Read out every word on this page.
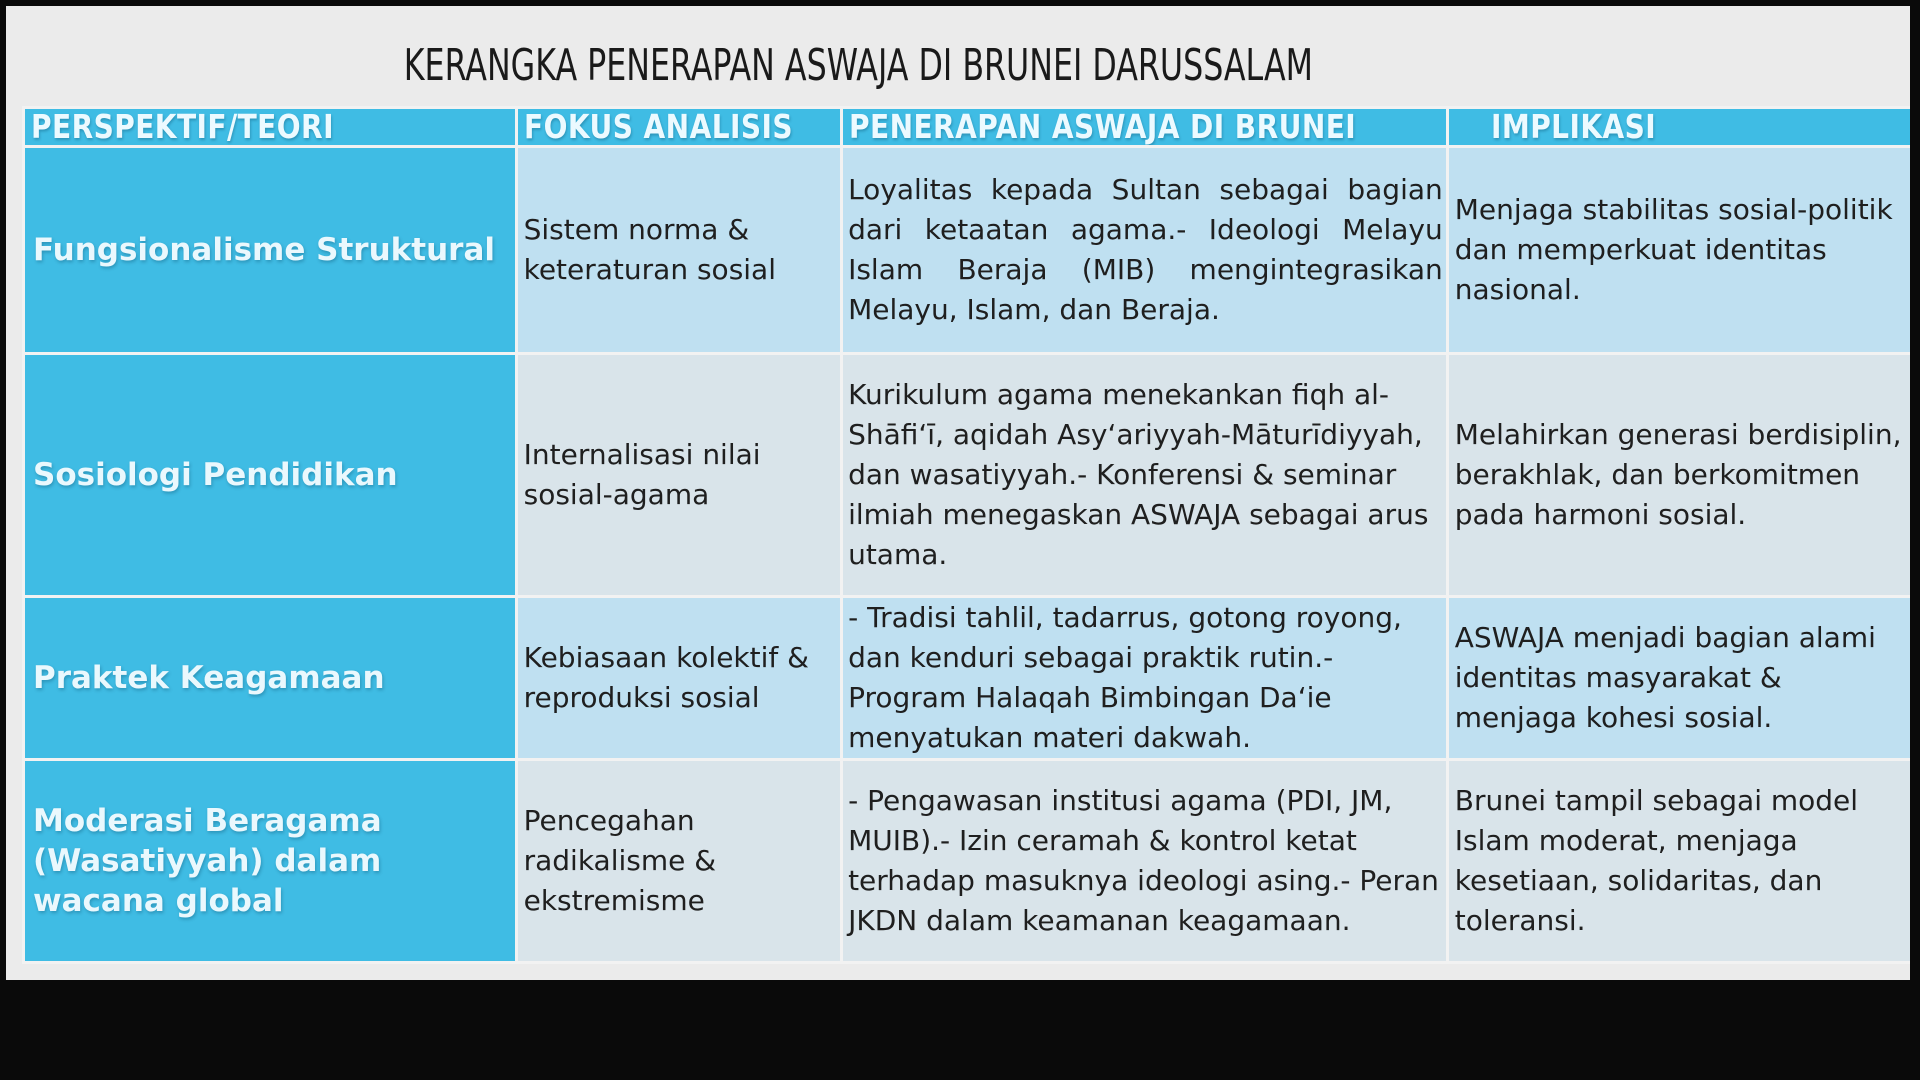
KERANGKA PENERAPAN ASWAJA DI BRUNEI DARUSSALAM
PERSPEKTIF/TEORI	FOKUS ANALISIS	PENERAPAN ASWAJA DI BRUNEI	IMPLIKASI
Fungsionalisme Struktural	Sistem norma & keteraturan sosial	Loyalitas kepada Sultan sebagai bagian dari ketaatan agama.- Ideologi Melayu Islam Beraja (MIB) mengintegrasikan Melayu, Islam, dan Beraja.	Menjaga stabilitas sosial-politik dan memperkuat identitas nasional.
Sosiologi Pendidikan	Internalisasi nilai sosial-agama	Kurikulum agama menekankan fiqh al-Shāfi‘ī, aqidah Asy‘ariyyah-Māturīdiyyah, dan wasatiyyah.- Konferensi & seminar ilmiah menegaskan ASWAJA sebagai arus utama.	Melahirkan generasi berdisiplin, berakhlak, dan berkomitmen pada harmoni sosial.
Praktek Keagamaan	Kebiasaan kolektif & reproduksi sosial	- Tradisi tahlil, tadarrus, gotong royong, dan kenduri sebagai praktik rutin.- Program Halaqah Bimbingan Da‘ie menyatukan materi dakwah.	ASWAJA menjadi bagian alami identitas masyarakat & menjaga kohesi sosial.
Moderasi Beragama (Wasatiyyah) dalam wacana global	Pencegahan radikalisme & ekstremisme	- Pengawasan institusi agama (PDI, JM, MUIB).- Izin ceramah & kontrol ketat terhadap masuknya ideologi asing.- Peran JKDN dalam keamanan keagamaan.	Brunei tampil sebagai model Islam moderat, menjaga kesetiaan, solidaritas, dan toleransi.
